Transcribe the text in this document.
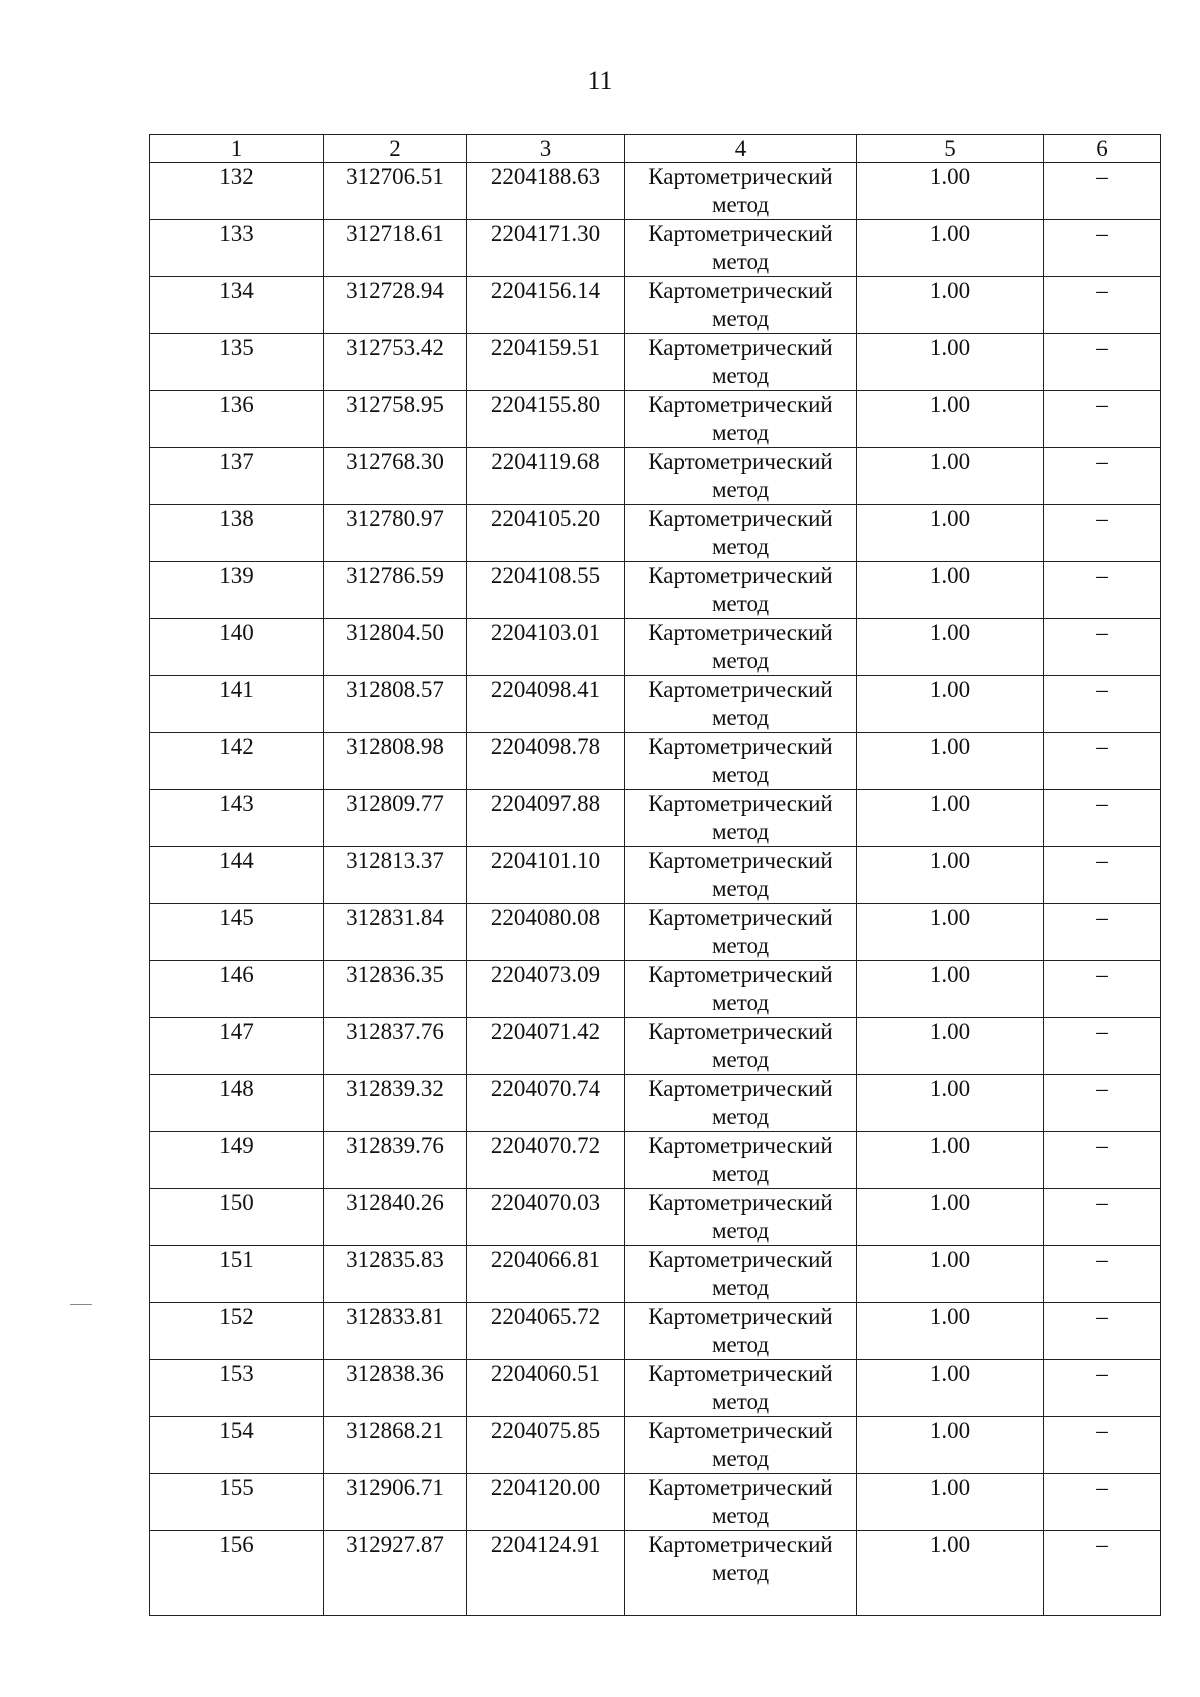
11
1	2	3	4	5	6
132	312706.51	2204188.63	Картометрический метод	1.00	–
133	312718.61	2204171.30	Картометрический метод	1.00	–
134	312728.94	2204156.14	Картометрический метод	1.00	–
135	312753.42	2204159.51	Картометрический метод	1.00	–
136	312758.95	2204155.80	Картометрический метод	1.00	–
137	312768.30	2204119.68	Картометрический метод	1.00	–
138	312780.97	2204105.20	Картометрический метод	1.00	–
139	312786.59	2204108.55	Картометрический метод	1.00	–
140	312804.50	2204103.01	Картометрический метод	1.00	–
141	312808.57	2204098.41	Картометрический метод	1.00	–
142	312808.98	2204098.78	Картометрический метод	1.00	–
143	312809.77	2204097.88	Картометрический метод	1.00	–
144	312813.37	2204101.10	Картометрический метод	1.00	–
145	312831.84	2204080.08	Картометрический метод	1.00	–
146	312836.35	2204073.09	Картометрический метод	1.00	–
147	312837.76	2204071.42	Картометрический метод	1.00	–
148	312839.32	2204070.74	Картометрический метод	1.00	–
149	312839.76	2204070.72	Картометрический метод	1.00	–
150	312840.26	2204070.03	Картометрический метод	1.00	–
151	312835.83	2204066.81	Картометрический метод	1.00	–
152	312833.81	2204065.72	Картометрический метод	1.00	–
153	312838.36	2204060.51	Картометрический метод	1.00	–
154	312868.21	2204075.85	Картометрический метод	1.00	–
155	312906.71	2204120.00	Картометрический метод	1.00	–
156	312927.87	2204124.91	Картометрический метод	1.00	–
